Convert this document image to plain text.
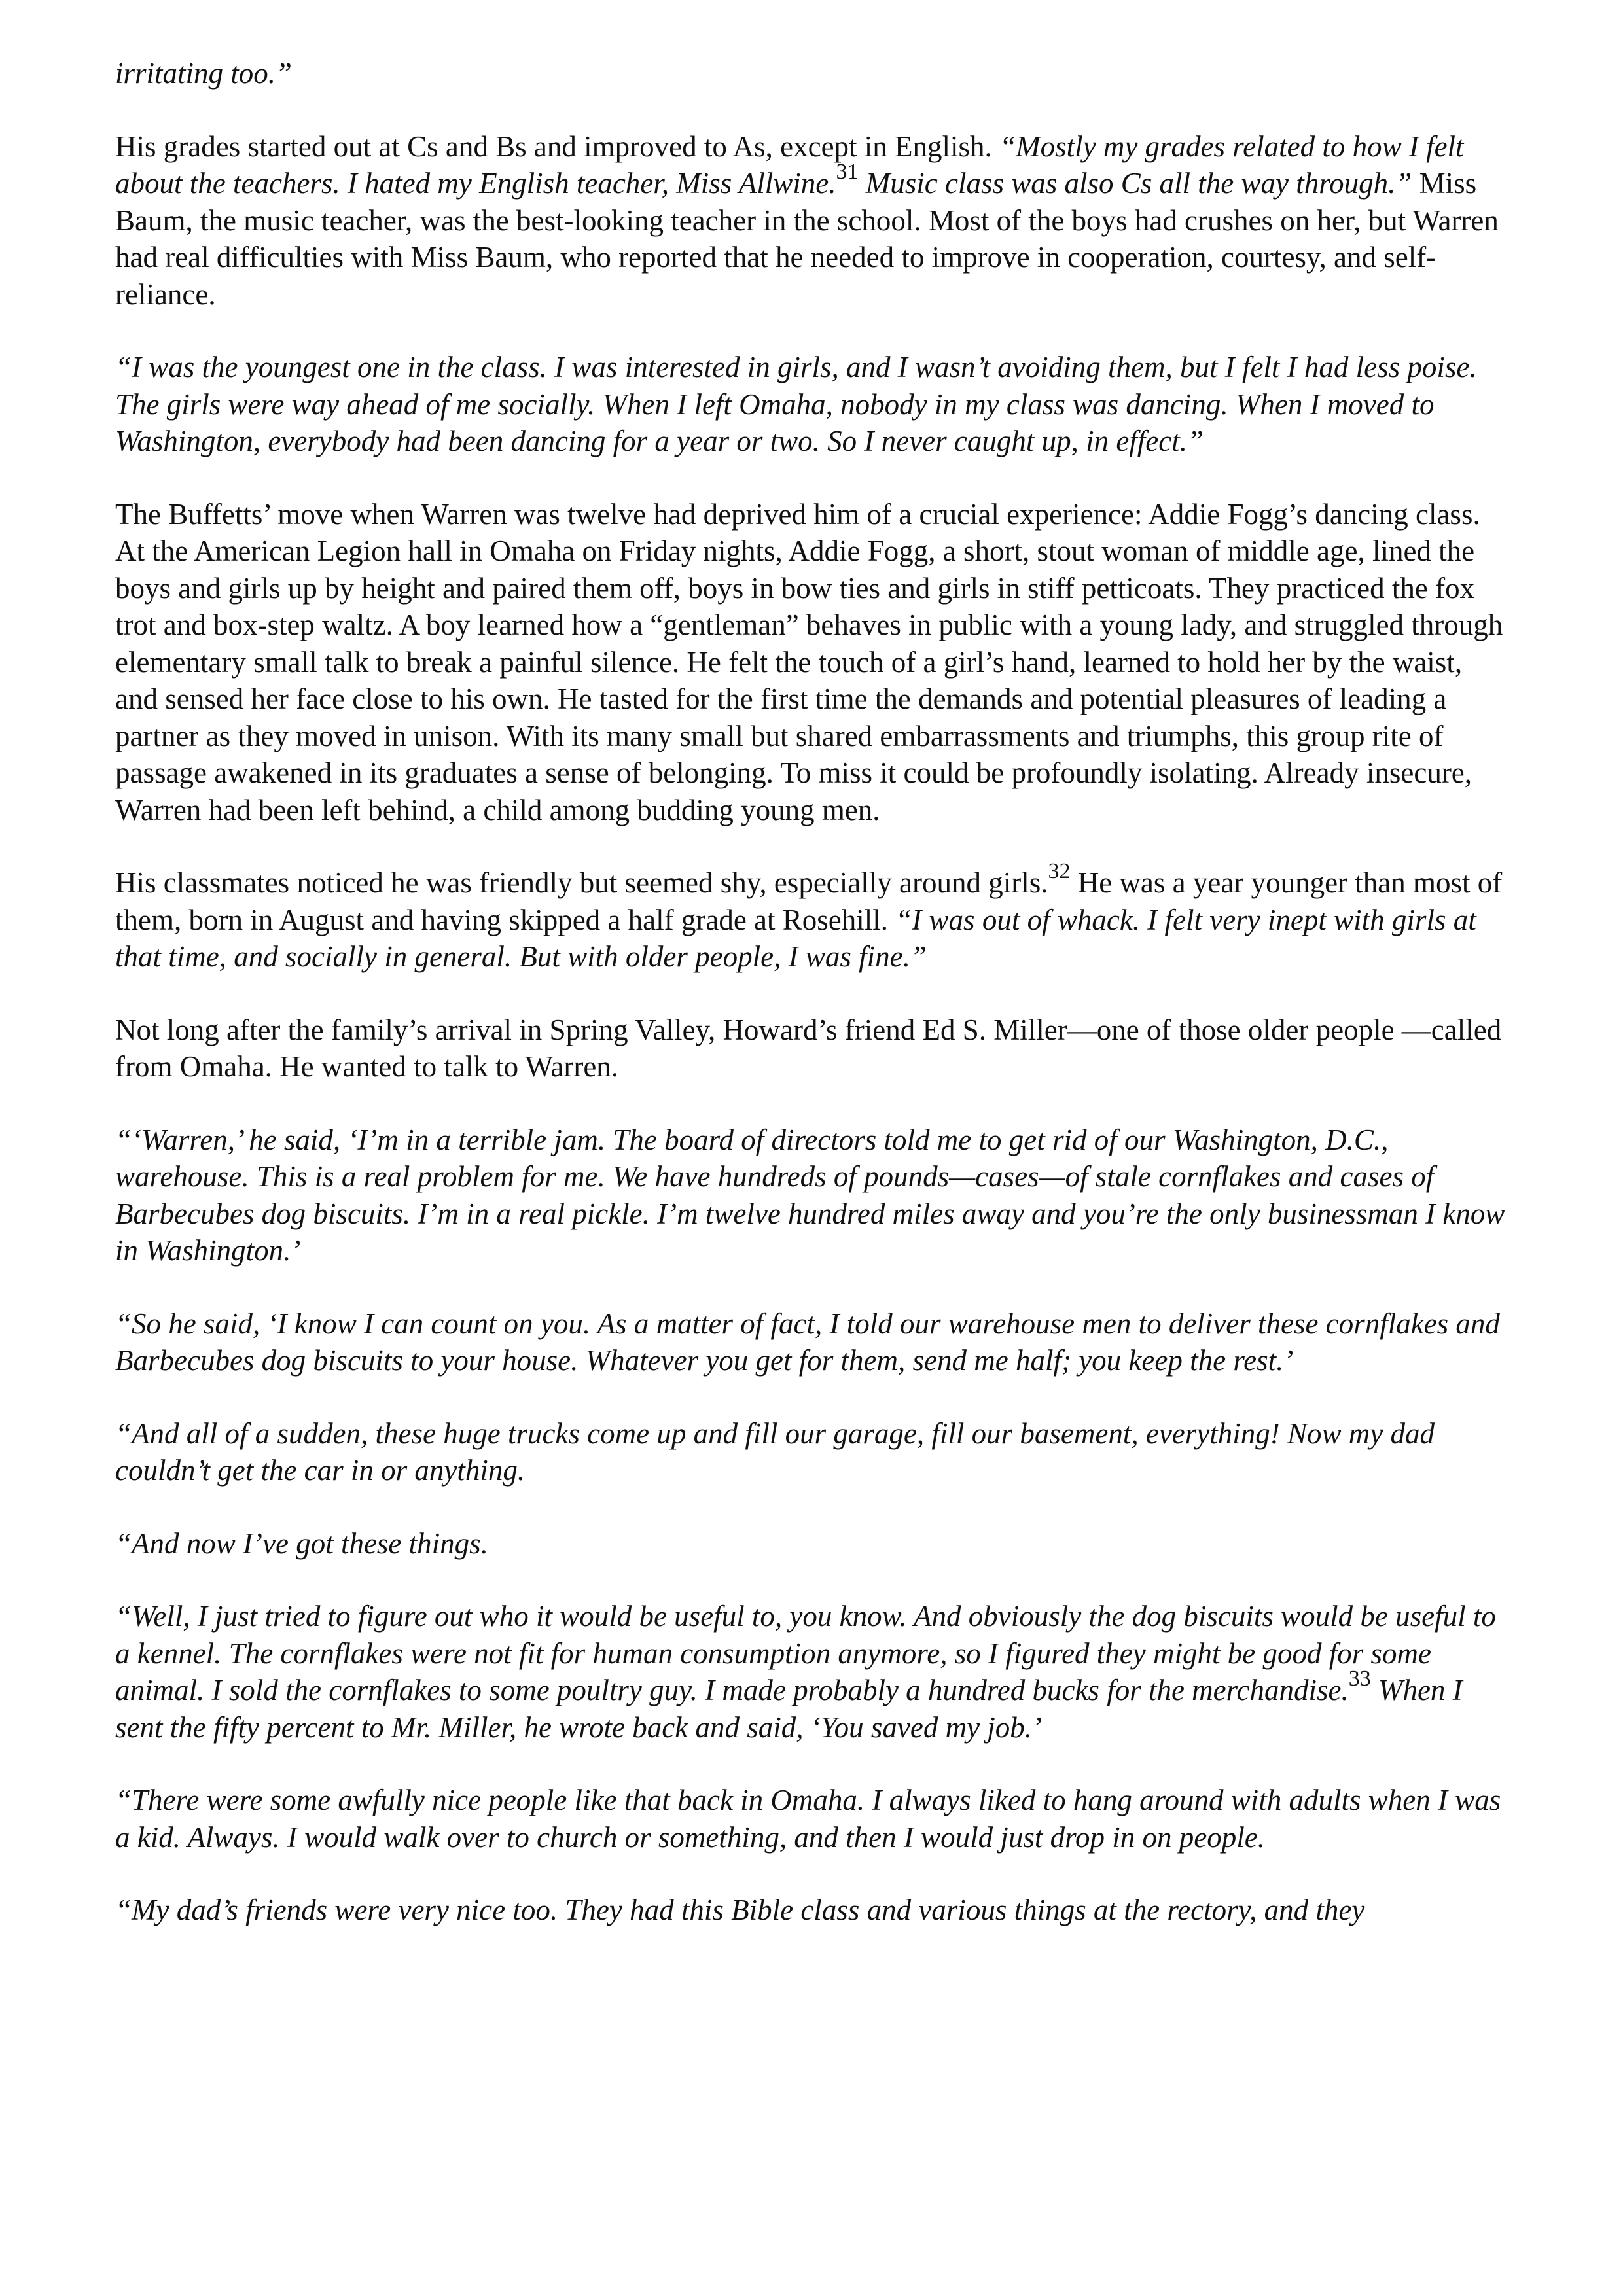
irritating too.”
His grades started out at Cs and Bs and improved to As, except in English. “Mostly my grades related to how I felt about the teachers. I hated my English teacher, Miss Allwine.$^{31}$ Music class was also Cs all the way through.” Miss Baum, the music teacher, was the best-looking teacher in the school. Most of the boys had crushes on her, but Warren had real difficulties with Miss Baum, who reported that he needed to improve in cooperation, courtesy, and self-reliance.
“I was the youngest one in the class. I was interested in girls, and I wasn’t avoiding them, but I felt I had less poise. The girls were way ahead of me socially. When I left Omaha, nobody in my class was dancing. When I moved to Washington, everybody had been dancing for a year or two. So I never caught up, in effect.”
The Buffetts’ move when Warren was twelve had deprived him of a crucial experience: Addie Fogg’s dancing class. At the American Legion hall in Omaha on Friday nights, Addie Fogg, a short, stout woman of middle age, lined the boys and girls up by height and paired them off, boys in bow ties and girls in stiff petticoats. They practiced the fox trot and box-step waltz. A boy learned how a “gentleman” behaves in public with a young lady, and struggled through elementary small talk to break a painful silence. He felt the touch of a girl’s hand, learned to hold her by the waist, and sensed her face close to his own. He tasted for the first time the demands and potential pleasures of leading a partner as they moved in unison. With its many small but shared embarrassments and triumphs, this group rite of passage awakened in its graduates a sense of belonging. To miss it could be profoundly isolating. Already insecure, Warren had been left behind, a child among budding young men.
His classmates noticed he was friendly but seemed shy, especially around girls.$^{32}$ He was a year younger than most of them, born in August and having skipped a half grade at Rosehill. “I was out of whack. I felt very inept with girls at that time, and socially in general. But with older people, I was fine.”
Not long after the family’s arrival in Spring Valley, Howard’s friend Ed S. Miller—one of those older people —called from Omaha. He wanted to talk to Warren.
“‘Warren,’ he said, ‘I’m in a terrible jam. The board of directors told me to get rid of our Washington, D.C., warehouse. This is a real problem for me. We have hundreds of pounds—cases—of stale cornflakes and cases of Barbecubes dog biscuits. I’m in a real pickle. I’m twelve hundred miles away and you’re the only businessman I know in Washington.’
“So he said, ‘I know I can count on you. As a matter of fact, I told our warehouse men to deliver these cornflakes and Barbecubes dog biscuits to your house. Whatever you get for them, send me half; you keep the rest.’
“And all of a sudden, these huge trucks come up and fill our garage, fill our basement, everything! Now my dad couldn’t get the car in or anything.
“And now I’ve got these things.
“Well, I just tried to figure out who it would be useful to, you know. And obviously the dog biscuits would be useful to a kennel. The cornflakes were not fit for human consumption anymore, so I figured they might be good for some animal. I sold the cornflakes to some poultry guy. I made probably a hundred bucks for the merchandise.$^{33}$ When I sent the fifty percent to Mr. Miller, he wrote back and said, ‘You saved my job.’
“There were some awfully nice people like that back in Omaha. I always liked to hang around with adults when I was a kid. Always. I would walk over to church or something, and then I would just drop in on people.
“My dad’s friends were very nice too. They had this Bible class and various things at the rectory, and they
